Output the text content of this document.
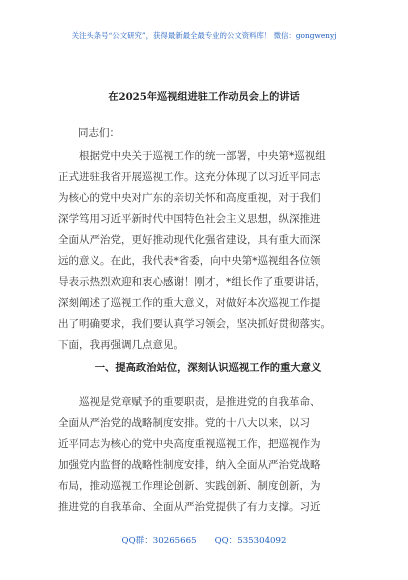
关注头条号“公文研究”，获得最新最全最专业的公文资料库！ 微信：gongwenyj
在2025年巡视组进驻工作动员会上的讲话
同志们：
　　根据党中央关于巡视工作的统一部署，中央第*巡视组
正式进驻我省开展巡视工作。这充分体现了以习近平同志
为核心的党中央对广东的亲切关怀和高度重视，对于我们
深学笃用习近平新时代中国特色社会主义思想，纵深推进
全面从严治党，更好推动现代化强省建设，具有重大而深
远的意义。在此，我代表*省委，向中央第*巡视组各位领
导表示热烈欢迎和衷心感谢！刚才，*组长作了重要讲话，
深刻阐述了巡视工作的重大意义，对做好本次巡视工作提
出了明确要求，我们要认真学习领会，坚决抓好贯彻落实。
下面，我再强调几点意见。
一、提高政治站位，深刻认识巡视工作的重大意义
　　巡视是党章赋予的重要职责，是推进党的自我革命、
全面从严治党的战略制度安排。党的十八大以来，以习
近平同志为核心的党中央高度重视巡视工作，把巡视作为
加强党内监督的战略性制度安排，纳入全面从严治党战略
布局，推动巡视工作理论创新、实践创新、制度创新，为
推进党的自我革命、全面从严治党提供了有力支撑。习近
QQ群：30265665 QQ：535304092
